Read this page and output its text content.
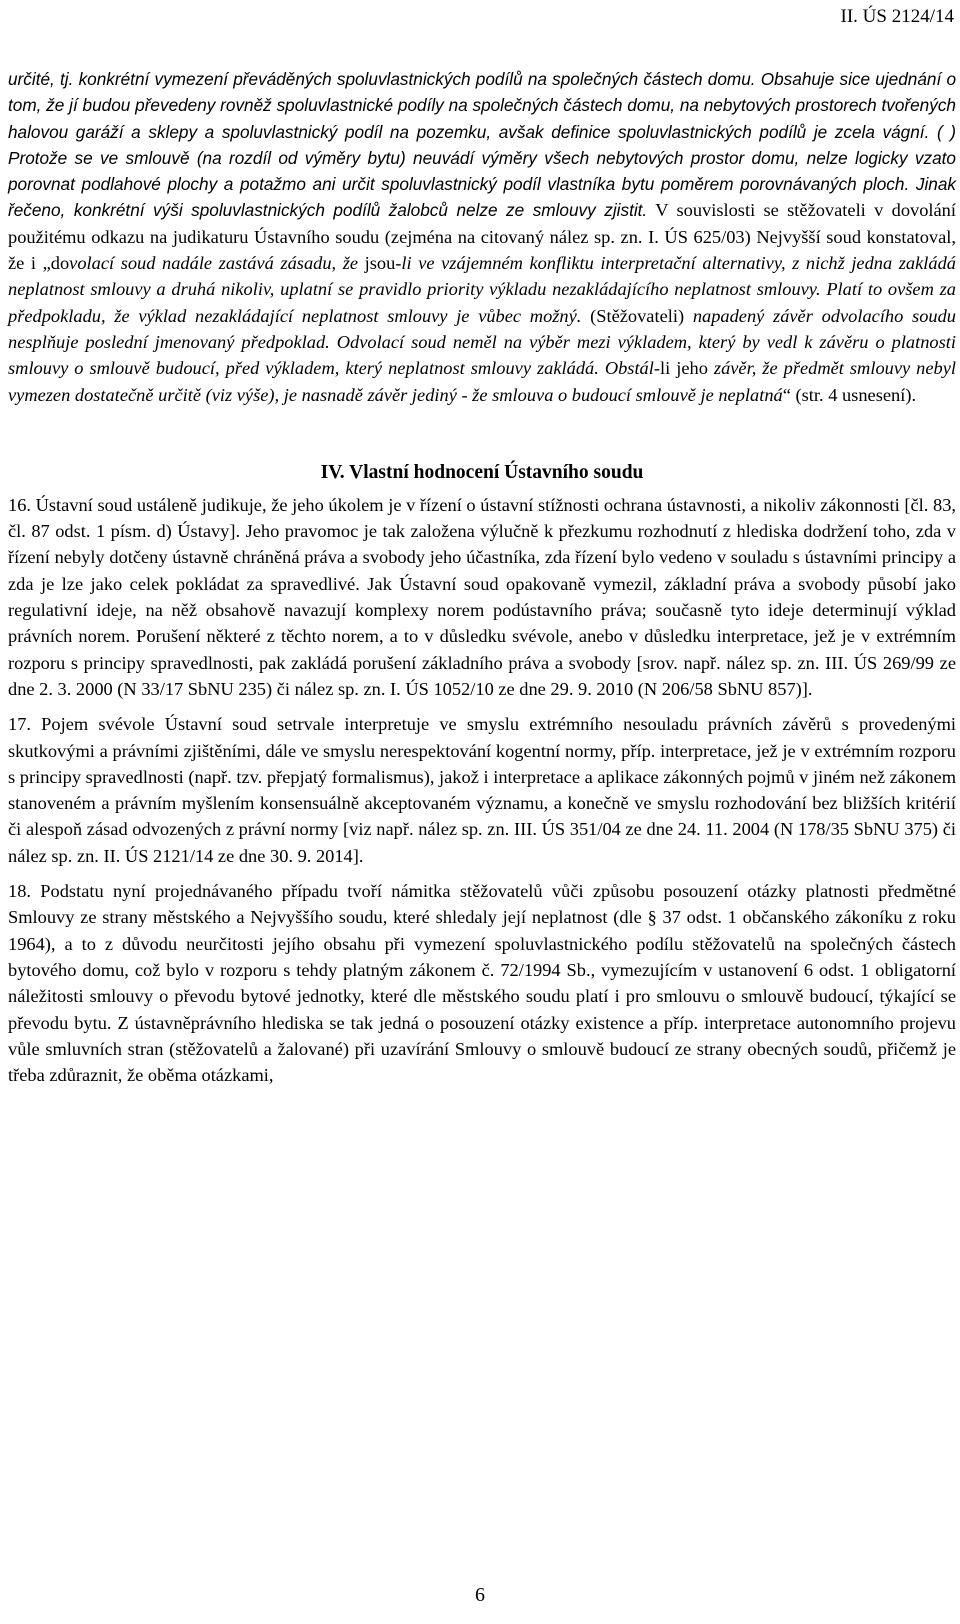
II. ÚS 2124/14

určité, tj. konkrétní vymezení převáděných spoluvlastnických podílů na společných částech domu. Obsahuje sice ujednání o tom, že jí budou převedeny rovněž spoluvlastnické podíly na společných částech domu, na nebytových prostorech tvořených halovou garáží a sklepy a spoluvlastnický podíl na pozemku, avšak definice spoluvlastnických podílů je zcela vágní. ( ) Protože se ve smlouvě (na rozdíl od výměry bytu) neuvádí výměry všech nebytových prostor domu, nelze logicky vzato porovnat podlahové plochy a potažmo ani určit spoluvlastnický podíl vlastníka bytu poměrem porovnávaných ploch. Jinak řečeno, konkrétní výši spoluvlastnických podílů žalobců nelze ze smlouvy zjistit. V souvislosti se stěžovateli v dovolání použitému odkazu na judikaturu Ústavního soudu (zejména na citovaný nález sp. zn. I. ÚS 625/03) Nejvyšší soud konstatoval, že i „dovolací soud nadále zastává zásadu, že jsou-li ve vzájemném konfliktu interpretační alternativy, z nichž jedna zakládá neplatnost smlouvy a druhá nikoliv, uplatní se pravidlo priority výkladu nezakládajícího neplatnost smlouvy. Platí to ovšem za předpokladu, že výklad nezakládající neplatnost smlouvy je vůbec možný. (Stěžovateli) napadený závěr odvolacího soudu nesplňuje poslední jmenovaný předpoklad. Odvolací soud neměl na výběr mezi výkladem, který by vedl k závěru o platnosti smlouvy o smlouvě budoucí, před výkladem, který neplatnost smlouvy zakládá. Obstál-li jeho závěr, že předmět smlouvy nebyl vymezen dostatečně určitě (viz výše), je nasnadě závěr jediný - že smlouva o budoucí smlouvě je neplatná“ (str. 4 usnesení).

IV. Vlastní hodnocení Ústavního soudu

16. Ústavní soud ustáleně judikuje, že jeho úkolem je v řízení o ústavní stížnosti ochrana ústavnosti, a nikoliv zákonnosti [čl. 83, čl. 87 odst. 1 písm. d) Ústavy]. Jeho pravomoc je tak založena výlučně k přezkumu rozhodnutí z hlediska dodržení toho, zda v řízení nebyly dotčeny ústavně chráněná práva a svobody jeho účastníka, zda řízení bylo vedeno v souladu s ústavními principy a zda je lze jako celek pokládat za spravedlivé. Jak Ústavní soud opakovaně vymezil, základní práva a svobody působí jako regulativní ideje, na něž obsahově navazují komplexy norem podústavního práva; současně tyto ideje determinují výklad právních norem. Porušení některé z těchto norem, a to v důsledku svévole, anebo v důsledku interpretace, jež je v extrémním rozporu s principy spravedlnosti, pak zakládá porušení základního práva a svobody [srov. např. nález sp. zn. III. ÚS 269/99 ze dne 2. 3. 2000 (N 33/17 SbNU 235) či nález sp. zn. I. ÚS 1052/10 ze dne 29. 9. 2010 (N 206/58 SbNU 857)].

17. Pojem svévole Ústavní soud setrvale interpretuje ve smyslu extrémního nesouladu právních závěrů s provedenými skutkovými a právními zjištěními, dále ve smyslu nerespektování kogentní normy, příp. interpretace, jež je v extrémním rozporu s principy spravedlnosti (např. tzv. přepjatý formalismus), jakož i interpretace a aplikace zákonných pojmů v jiném než zákonem stanoveném a právním myšlením konsensuálně akceptovaném významu, a konečně ve smyslu rozhodování bez bližších kritérií či alespoň zásad odvozených z právní normy [viz např. nález sp. zn. III. ÚS 351/04 ze dne 24. 11. 2004 (N 178/35 SbNU 375) či nález sp. zn. II. ÚS 2121/14 ze dne 30. 9. 2014].

18. Podstatu nyní projednávaného případu tvoří námitka stěžovatelů vůči způsobu posouzení otázky platnosti předmětné Smlouvy ze strany městského a Nejvyššího soudu, které shledaly její neplatnost (dle § 37 odst. 1 občanského zákoníku z roku 1964), a to z důvodu neurčitosti jejího obsahu při vymezení spoluvlastnického podílu stěžovatelů na společných částech bytového domu, což bylo v rozporu s tehdy platným zákonem č. 72/1994 Sb., vymezujícím v ustanovení 6 odst. 1 obligatorní náležitosti smlouvy o převodu bytové jednotky, které dle městského soudu platí i pro smlouvu o smlouvě budoucí, týkající se převodu bytu. Z ústavněprávního hlediska se tak jedná o posouzení otázky existence a příp. interpretace autonomního projevu vůle smluvních stran (stěžovatelů a žalované) při uzavírání Smlouvy o smlouvě budoucí ze strany obecných soudů, přičemž je třeba zdůraznit, že oběma otázkami,

6
